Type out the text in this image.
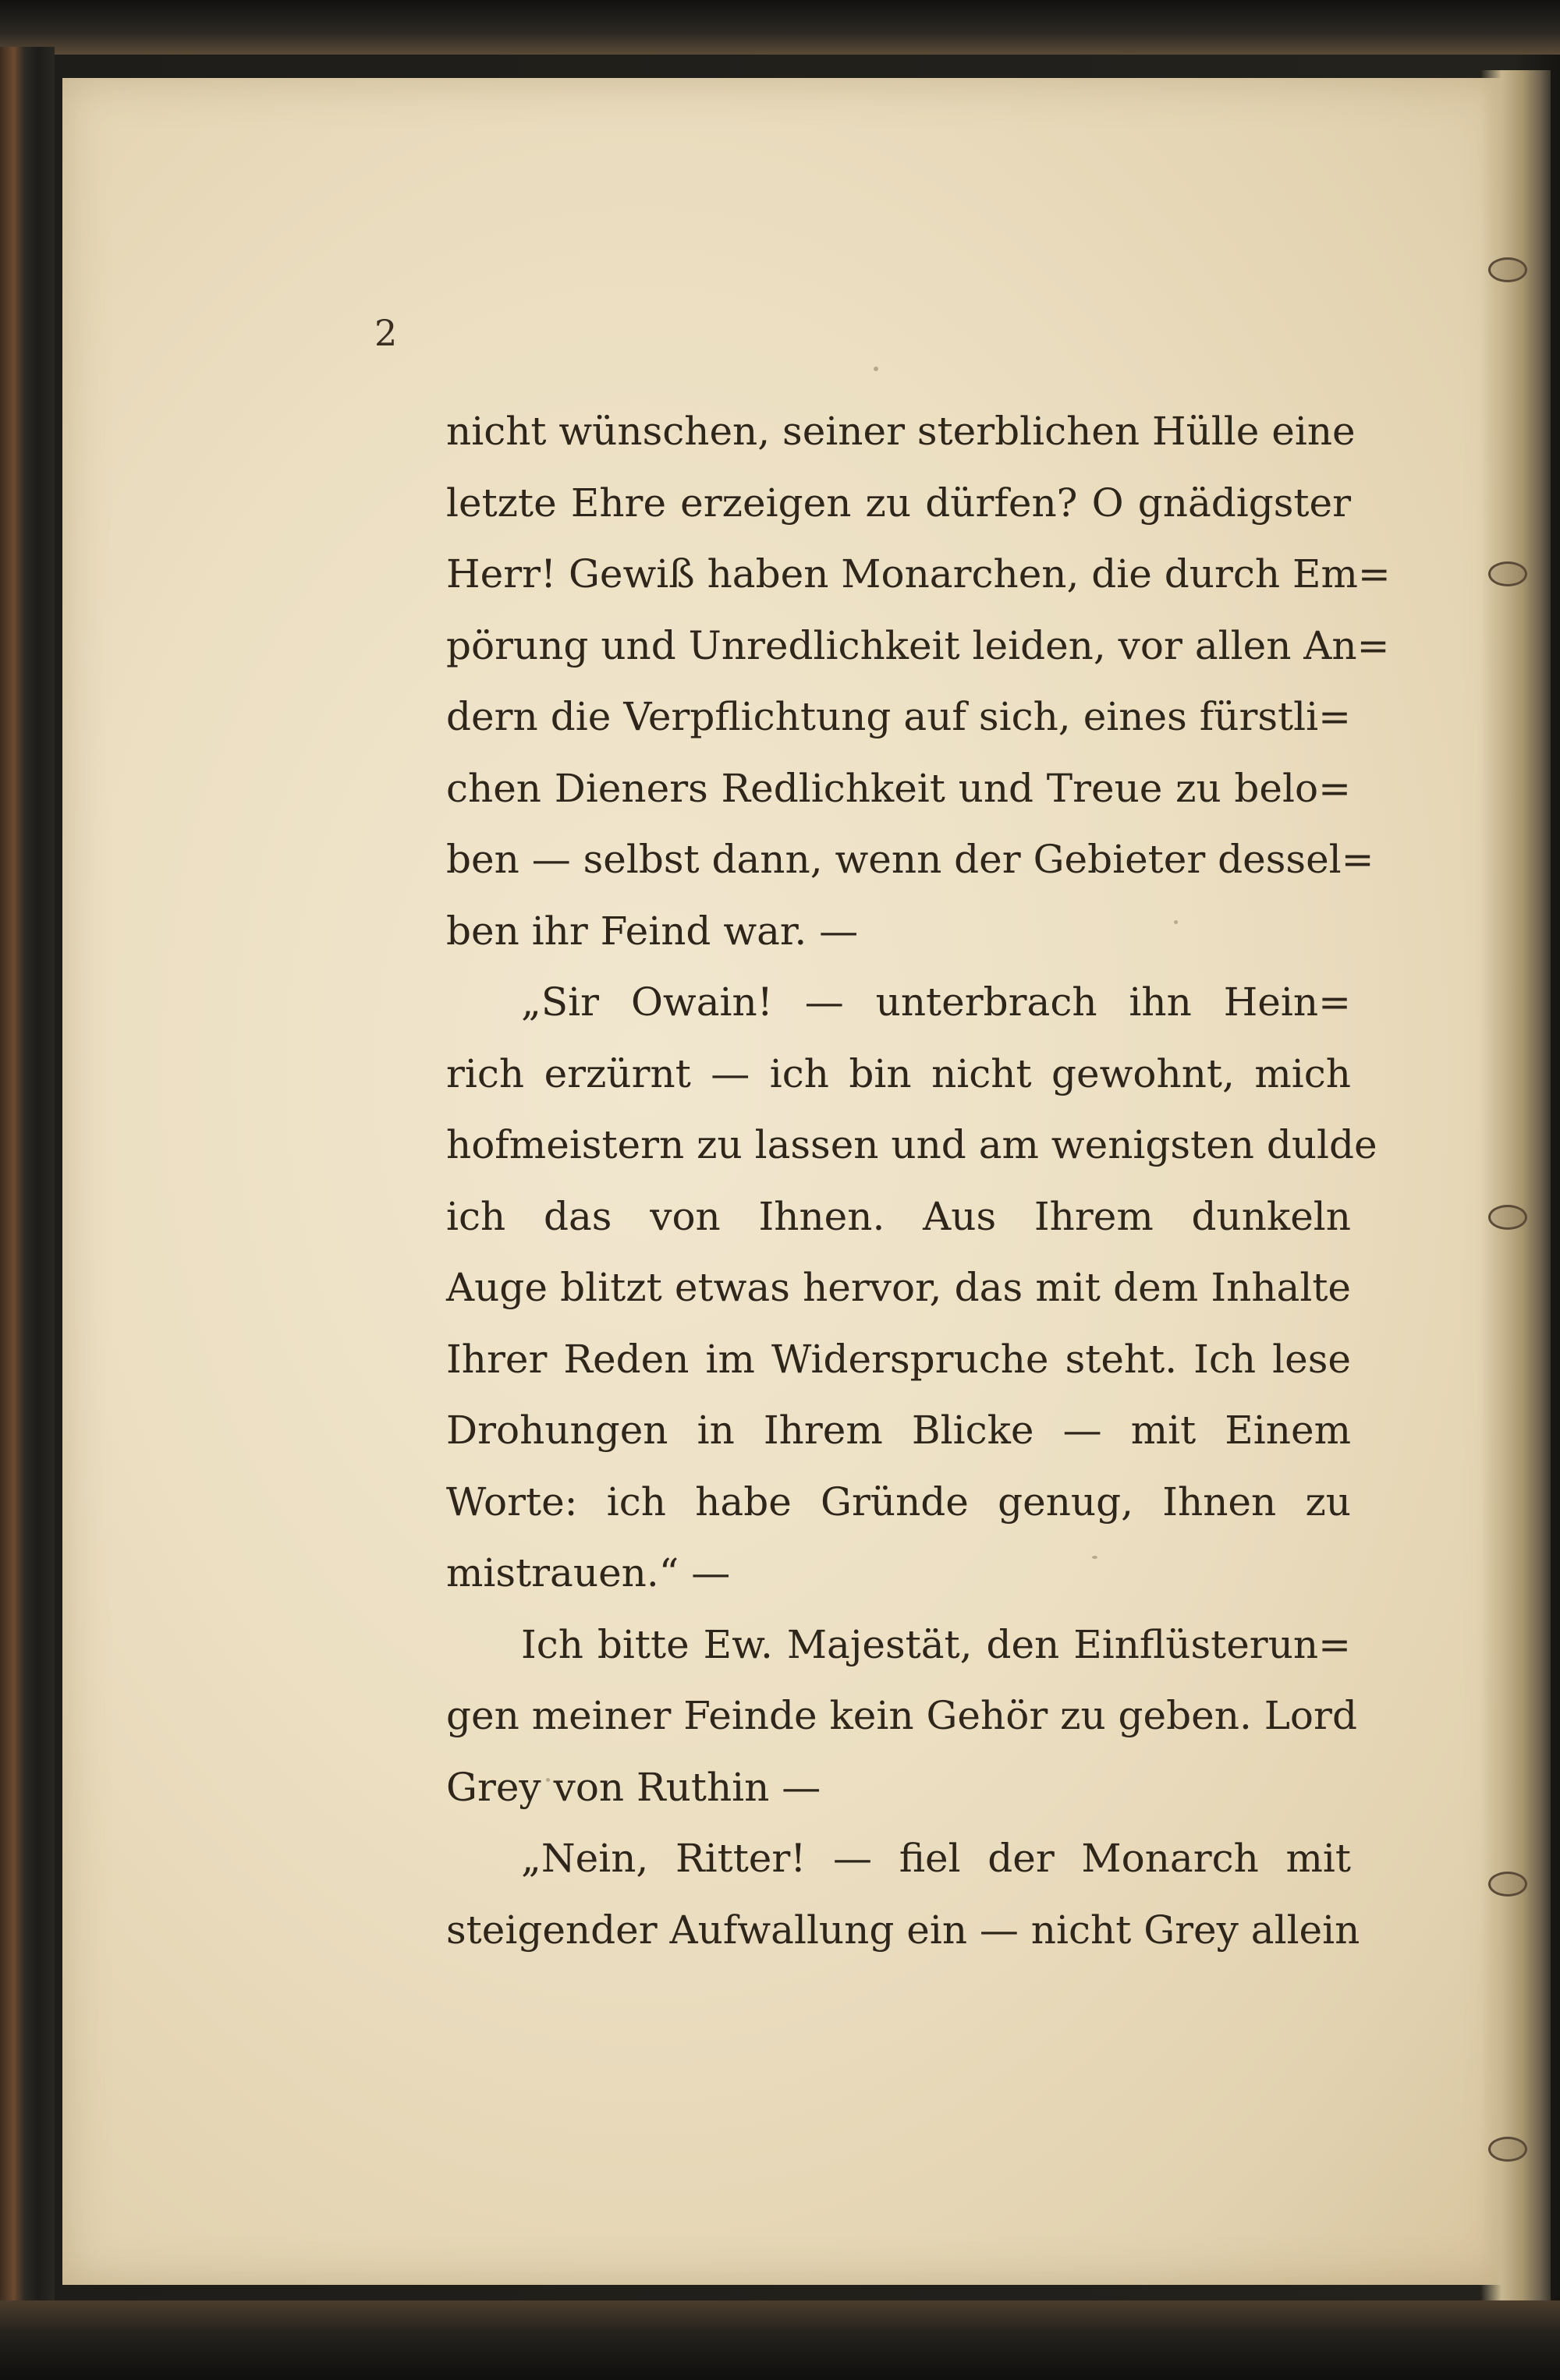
2
nicht wünschen, seiner sterblichen Hülle eine
letzte Ehre erzeigen zu dürfen? O gnädigster
Herr! Gewiß haben Monarchen, die durch Em=
pörung und Unredlichkeit leiden, vor allen An=
dern die Verpflichtung auf sich, eines fürstli=
chen Dieners Redlichkeit und Treue zu belo=
ben — selbst dann, wenn der Gebieter dessel=
ben ihr Feind war. —
„Sir Owain! — unterbrach ihn Hein=
rich erzürnt — ich bin nicht gewohnt, mich
hofmeistern zu lassen und am wenigsten dulde
ich das von Ihnen. Aus Ihrem dunkeln
Auge blitzt etwas hervor, das mit dem Inhalte
Ihrer Reden im Widerspruche steht. Ich lese
Drohungen in Ihrem Blicke — mit Einem
Worte: ich habe Gründe genug, Ihnen zu
mistrauen.“ —
Ich bitte Ew. Majestät, den Einflüsterun=
gen meiner Feinde kein Gehör zu geben. Lord
Grey von Ruthin —
„Nein, Ritter! — fiel der Monarch mit
steigender Aufwallung ein — nicht Grey allein
